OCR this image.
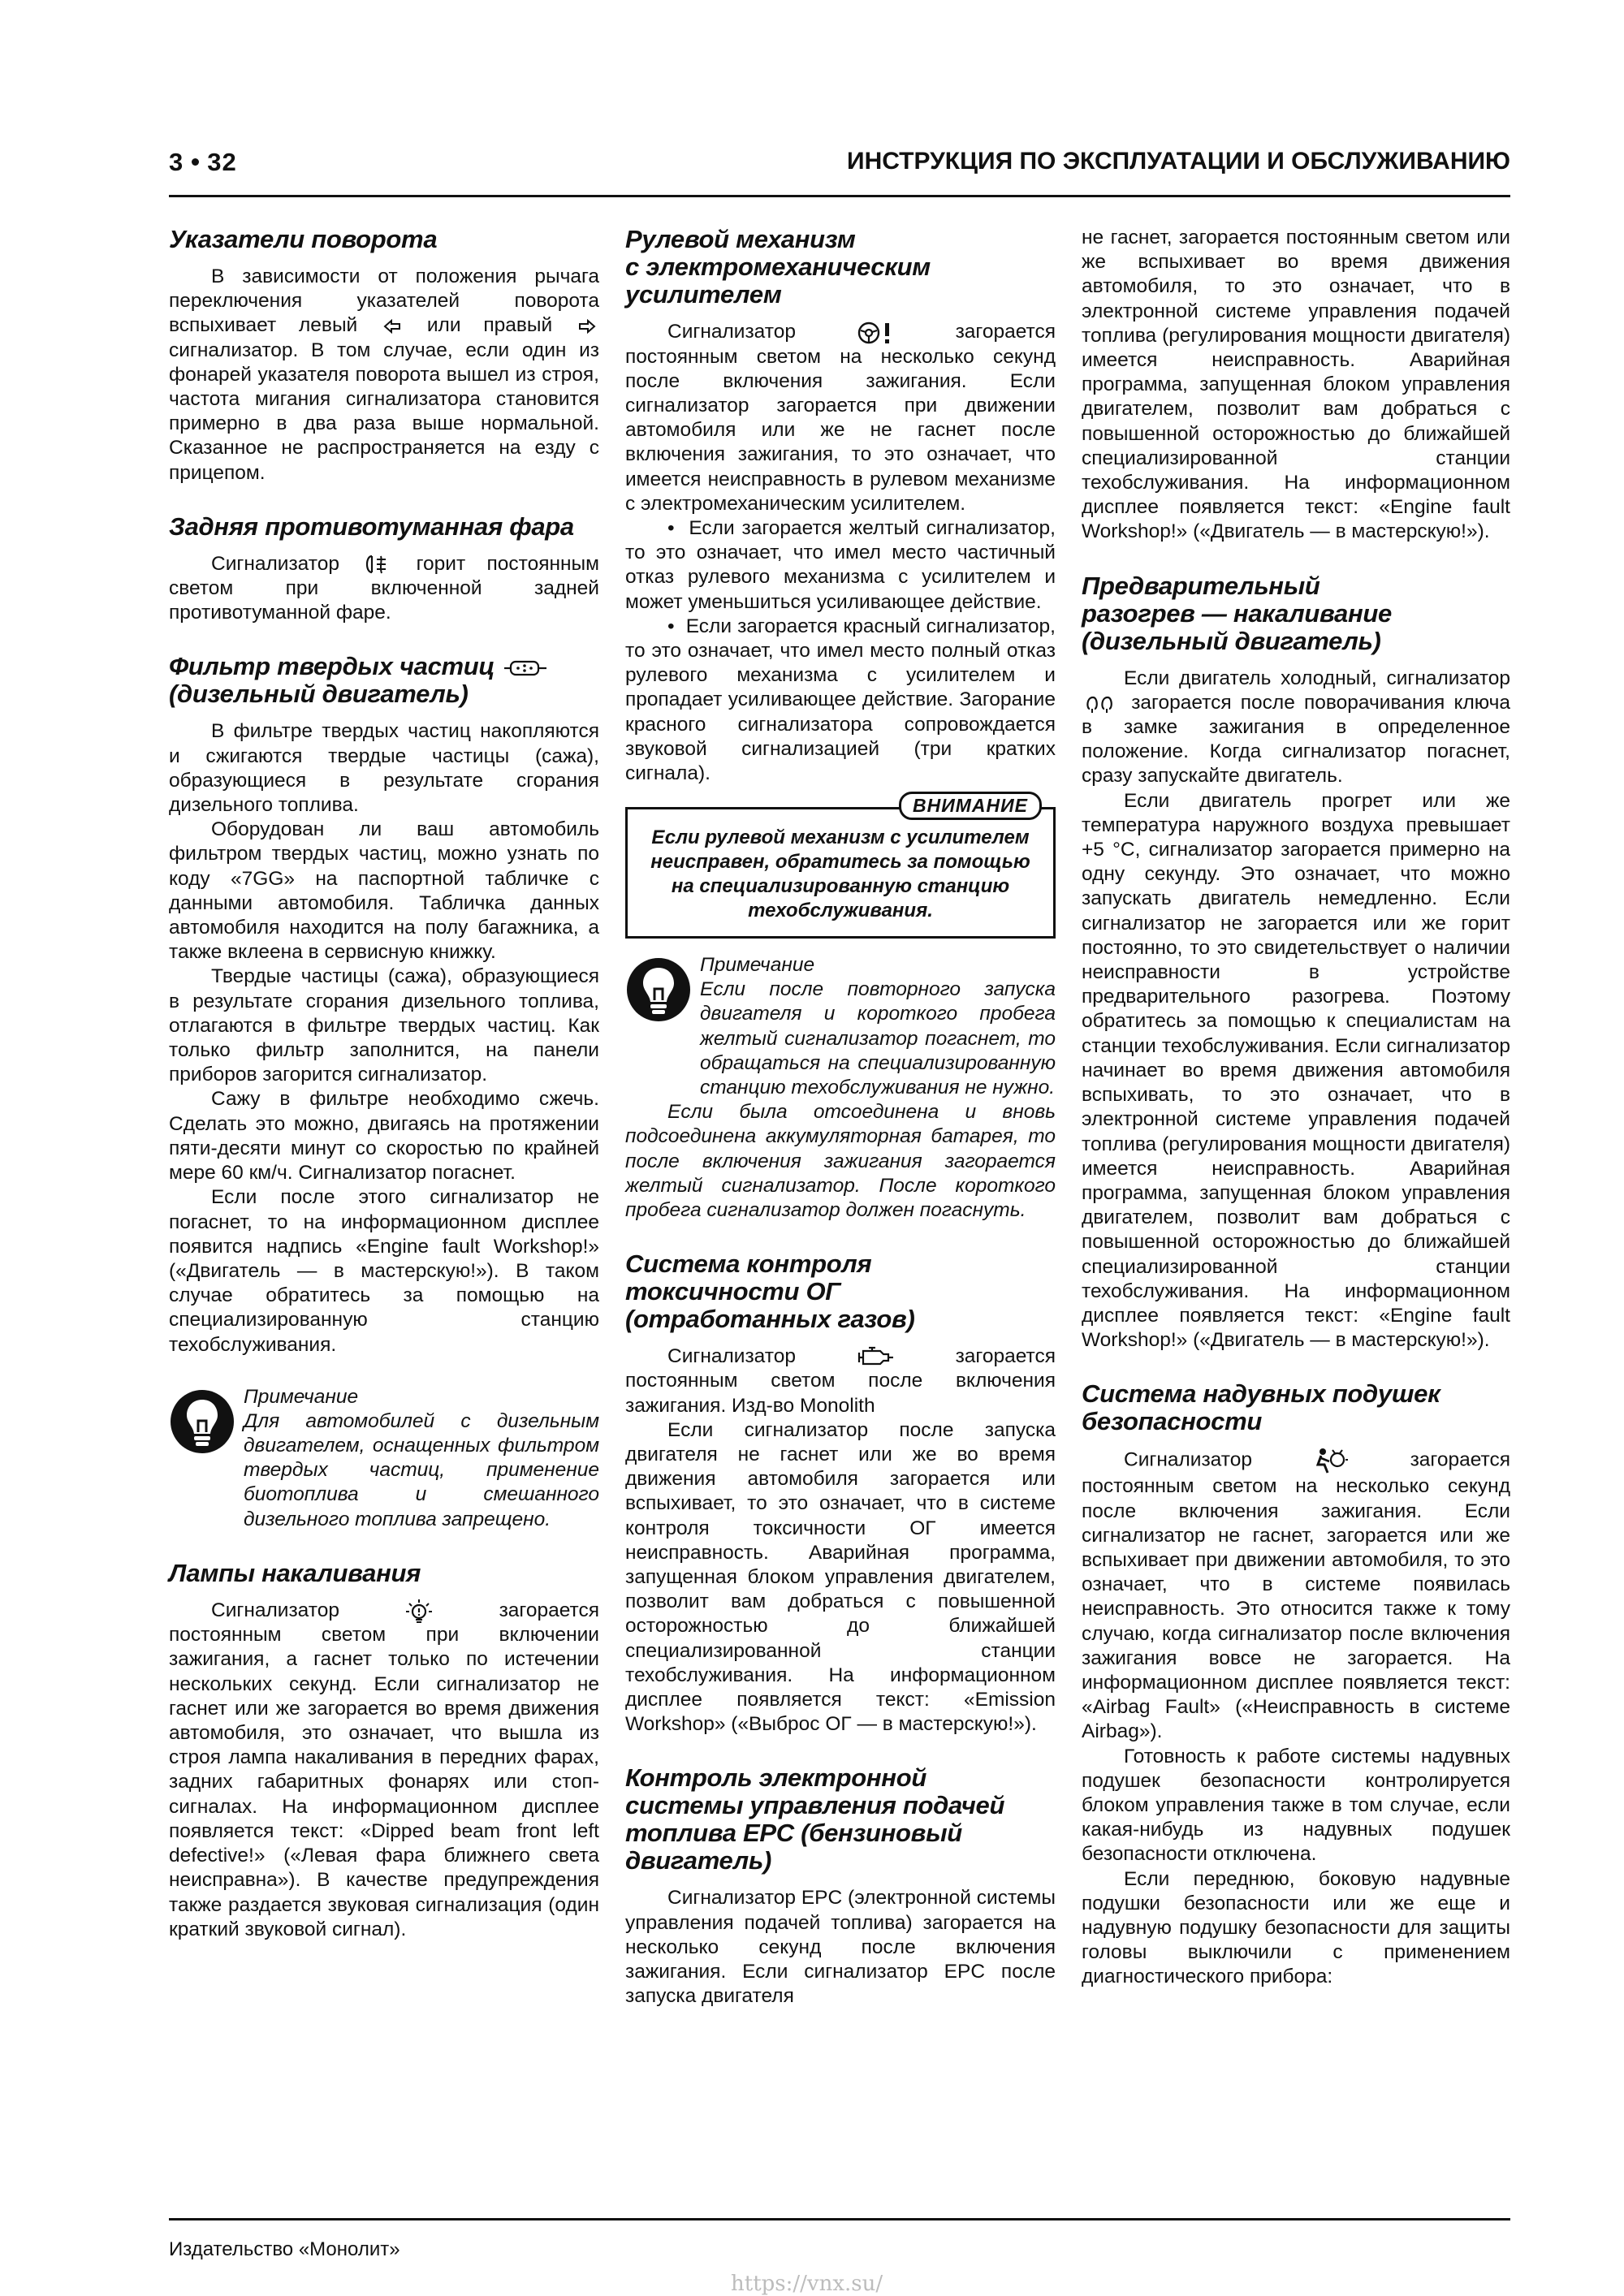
3 32	ИНСТРУКЦИЯ ПО ЭКСПЛУАТАЦИИ И ОБСЛУЖИВАНИЮ
Указатели поворота

В зависимости от положения рычага переключения указателей поворота вспыхивает левый	или правый  сигнализатор. В том случае, если один из фонарей указателя поворота вышел из строя, частота мигания сигнализатора становится примерно в два раза выше нормальной. Сказанное не распространяется на езду с прицепом.

Задняя противотуманная фара

Сигнализатор	горит постоянным светом при включенной задней противотуманной фаре.

Фильтр твердых частиц
(дизельный двигатель)

В фильтре твердых частиц накопляются и сжигаются твердые частицы (сажа), образующиеся в результате сгорания дизельного топлива.

Оборудован ли ваш автомобиль фильтром твердых частиц, можно узнать по коду «7GG» на паспортной табличке с данными автомобиля. Табличка данных автомобиля находится на полу багажника, а также вклеена в сервисную книжку.

Твердые частицы (сажа), образующиеся в результате сгорания дизельного топлива, отлагаются в фильтре твердых частиц. Как только фильтр заполнится, на панели приборов загорится сигнализатор.

Сажу в фильтре необходимо сжечь. Сделать это можно, двигаясь на протяжении пяти-десяти минут со скоростью по крайней мере 60 км/ч. Сигнализатор погаснет.

Если после этого сигнализатор не погаснет, то на информационном дисплее появится надпись «Engine fault Workshop!» («Двигатель — в мастерскую!»). В таком случае обратитесь за помощью на специализированную станцию техобслуживания.

Примечание

Для автомобилей с дизельным двигателем, оснащенных фильтром твердых частиц, применение биотоплива и смешанного дизельного топлива запрещено.

Лампы накаливания

Сигнализатор	загорается постоянным светом при включении зажигания, а гаснет только по истечении нескольких секунд. Если сигнализатор не гаснет или же загорается во время движения автомобиля, это означает, что вышла из строя лампа накаливания в передних фарах, задних габаритных фонарях или стоп-сигналах. На информационном дисплее появляется текст: «Dipped beam front left defective!» («Левая фара ближнего света неисправна»). В качестве предупреждения также раздается звуковая сигнализация (один краткий звуковой сигнал).

Рулевой механизм
с электромеханическим
усилителем

Сигнализатор	загорается постоянным светом на несколько секунд после включения зажигания. Если сигнализатор загорается при движении автомобиля или же не гаснет после включения зажигания, то это означает, что имеется неисправность в рулевом механизме с электромеханическим усилителем.

•  Если загорается желтый сигнализатор, то это означает, что имел место частичный отказ рулевого механизма с усилителем и может уменьшиться усиливающее действие.

•  Если загорается красный сигнализатор, то это означает, что имел место полный отказ рулевого механизма с усилителем и пропадает усиливающее действие. Загорание красного сигнализатора сопровождается звуковой сигнализацией (три кратких сигнала).

ВНИМАНИЕ

Если рулевой механизм с усилителем неисправен, обратитесь за помощью на специализированную станцию техобслуживания.

Примечание

Если после повторного запуска двигателя и короткого пробега желтый сигнализатор погаснет, то обращаться на специализированную станцию техобслуживания не нужно.

Если была отсоединена и вновь подсоединена аккумуляторная батарея, то после включения зажигания загорается желтый сигнализатор. После короткого пробега сигнализатор должен погаснуть.

Система контроля
токсичности ОГ
(отработанных газов)

Сигнализатор	загорается постоянным светом после включения зажигания. Изд-во Monolith

Если сигнализатор после запуска двигателя не гаснет или же во время движения автомобиля загорается или вспыхивает, то это означает, что в системе контроля токсичности ОГ имеется неисправность. Аварийная программа, запущенная блоком управления двигателем, позволит вам добраться с повышенной осторожностью до ближайшей специализированной станции техобслуживания. На информационном дисплее появляется текст: «Emission Workshop» («Выброс ОГ — в мастерскую!»).

Контроль электронной
системы управления подачей
топлива EPC (бензиновый
двигатель)

Сигнализатор EPC (электронной системы управления подачей топлива) загорается на несколько секунд после включения зажигания. Если сигнализатор EPC после запуска двигателя

не гаснет, загорается постоянным светом или же вспыхивает во время движения автомобиля, то это означает, что в электронной системе управления подачей топлива (регулирования мощности двигателя) имеется неисправность. Аварийная программа, запущенная блоком управления двигателем, позволит вам добраться с повышенной осторожностью до ближайшей специализированной станции техобслуживания. На информационном дисплее появляется текст: «Engine fault Workshop!» («Двигатель — в мастерскую!»).

Предварительный
разогрев — накаливание
(дизельный двигатель)

Если двигатель холодный, сигнализатор  загорается после поворачивания ключа в замке зажигания в определенное положение. Когда сигнализатор погаснет, сразу запускайте двигатель.

Если двигатель прогрет или же температура наружного воздуха превышает +5 °С, сигнализатор загорается примерно на одну секунду. Это означает, что можно запускать двигатель немедленно. Если сигнализатор не загорается или же горит постоянно, то это свидетельствует о наличии неисправности в устройстве предварительного разогрева. Поэтому обратитесь за помощью к специалистам на станции техобслуживания. Если сигнализатор начинает во время движения автомобиля вспыхивать, то это означает, что в электронной системе управления подачей топлива (регулирования мощности двигателя) имеется неисправность. Аварийная программа, запущенная блоком управления двигателем, позволит вам добраться с повышенной осторожностью до ближайшей специализированной станции техобслуживания. На информационном дисплее появляется текст: «Engine fault Workshop!» («Двигатель — в мастерскую!»).

Система надувных подушек
безопасности

Сигнализатор	загорается постоянным светом на несколько секунд после включения зажигания. Если сигнализатор не гаснет, загорается или же вспыхивает при движении автомобиля, то это означает, что в системе появилась неисправность. Это относится также к тому случаю, когда сигнализатор после включения зажигания вовсе не загорается. На информационном дисплее появляется текст: «Airbag Fault» («Неисправность в системе Airbag»).

Готовность к работе системы надувных подушек безопасности контролируется блоком управления также в том случае, если какая-нибудь из надувных подушек безопасности отключена.

Если переднюю, боковую надувные подушки безопасности или же еще и надувную подушку безопасности для защиты головы выключили с применением диагностического прибора:

Издательство «Монолит»
https://vnx.su/
